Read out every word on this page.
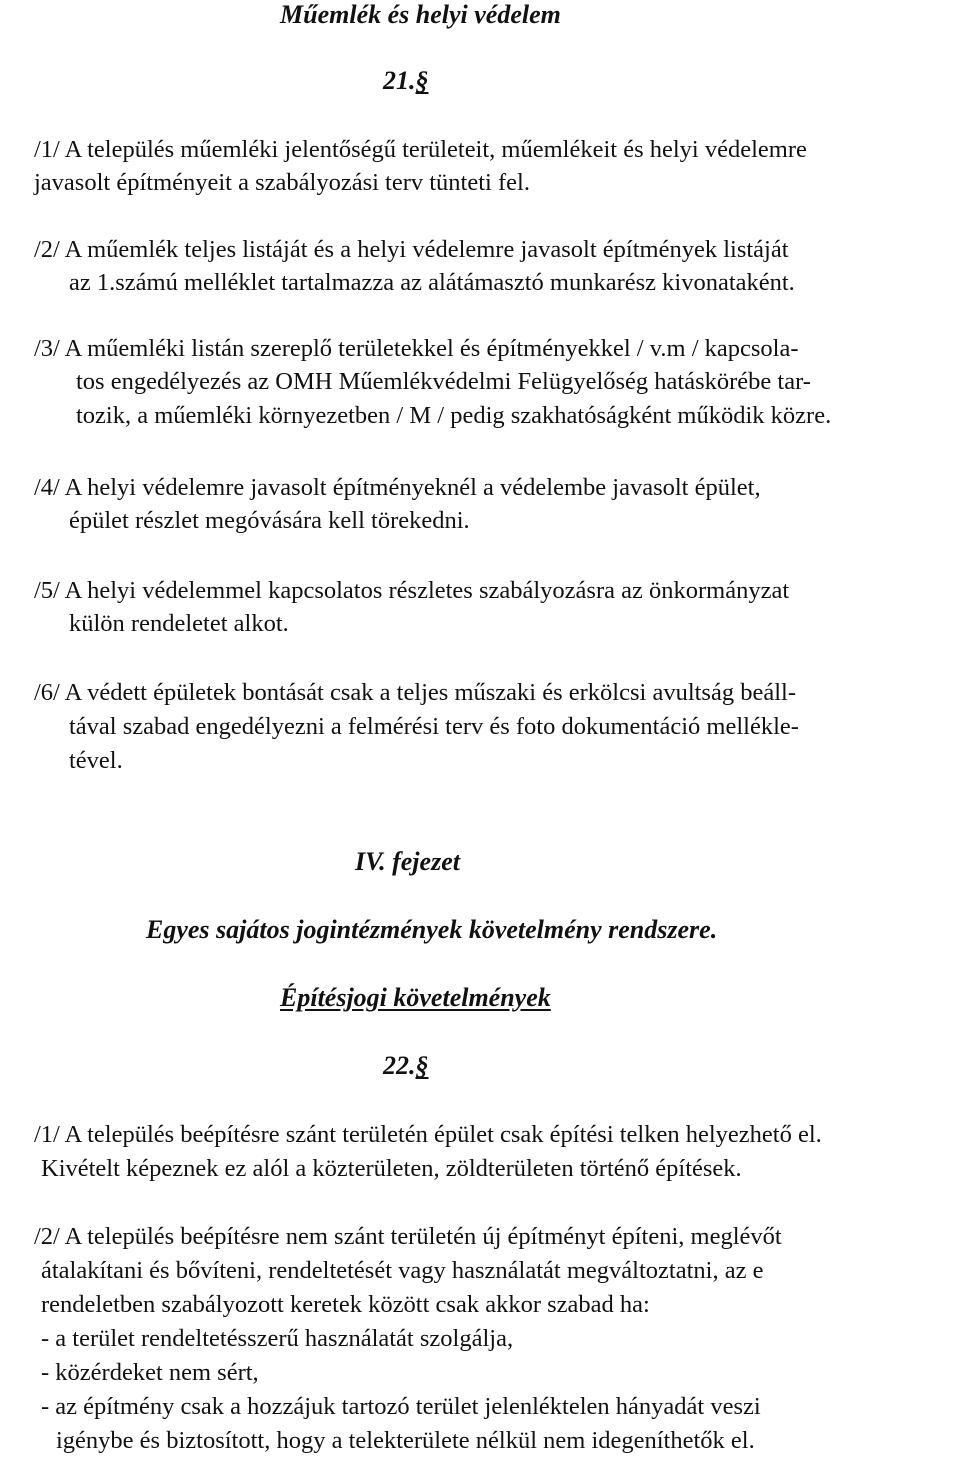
Műemlék és helyi védelem
21.§
/1/ A település műemléki jelentőségű területeit, műemlékeit és helyi védelemre
javasolt építményeit a szabályozási terv tünteti fel.
/2/ A műemlék teljes listáját és a helyi védelemre javasolt építmények listáját
az 1.számú melléklet tartalmazza az alátámasztó munkarész kivonataként.
/3/ A műemléki listán szereplő területekkel és építményekkel / v.m / kapcsola-
tos engedélyezés az OMH Műemlékvédelmi Felügyelőség hatáskörébe tar-
tozik, a műemléki környezetben / M / pedig szakhatóságként működik közre.
/4/ A helyi védelemre javasolt építményeknél a védelembe javasolt épület,
épület részlet megóvására kell törekedni.
/5/ A helyi védelemmel kapcsolatos részletes szabályozásra az önkormányzat
külön rendeletet alkot.
/6/ A védett épületek bontását csak a teljes műszaki és erkölcsi avultság beáll-
tával szabad engedélyezni a felmérési terv és foto dokumentáció mellékle-
tével.
IV. fejezet
Egyes sajátos jogintézmények követelmény rendszere.
Építésjogi követelmények
22.§
/1/ A település beépítésre szánt területén épület csak építési telken helyezhető el.
Kivételt képeznek ez alól a közterületen, zöldterületen történő építések.
/2/ A település beépítésre nem szánt területén új építményt építeni, meglévőt
átalakítani és bővíteni, rendeltetését vagy használatát megváltoztatni, az e
rendeletben szabályozott keretek között csak akkor szabad ha:
- a terület rendeltetésszerű használatát szolgálja,
- közérdeket nem sért,
- az építmény csak a hozzájuk tartozó terület jelenléktelen hányadát veszi
igénybe és biztosított, hogy a telekterülete nélkül nem idegeníthetők el.
